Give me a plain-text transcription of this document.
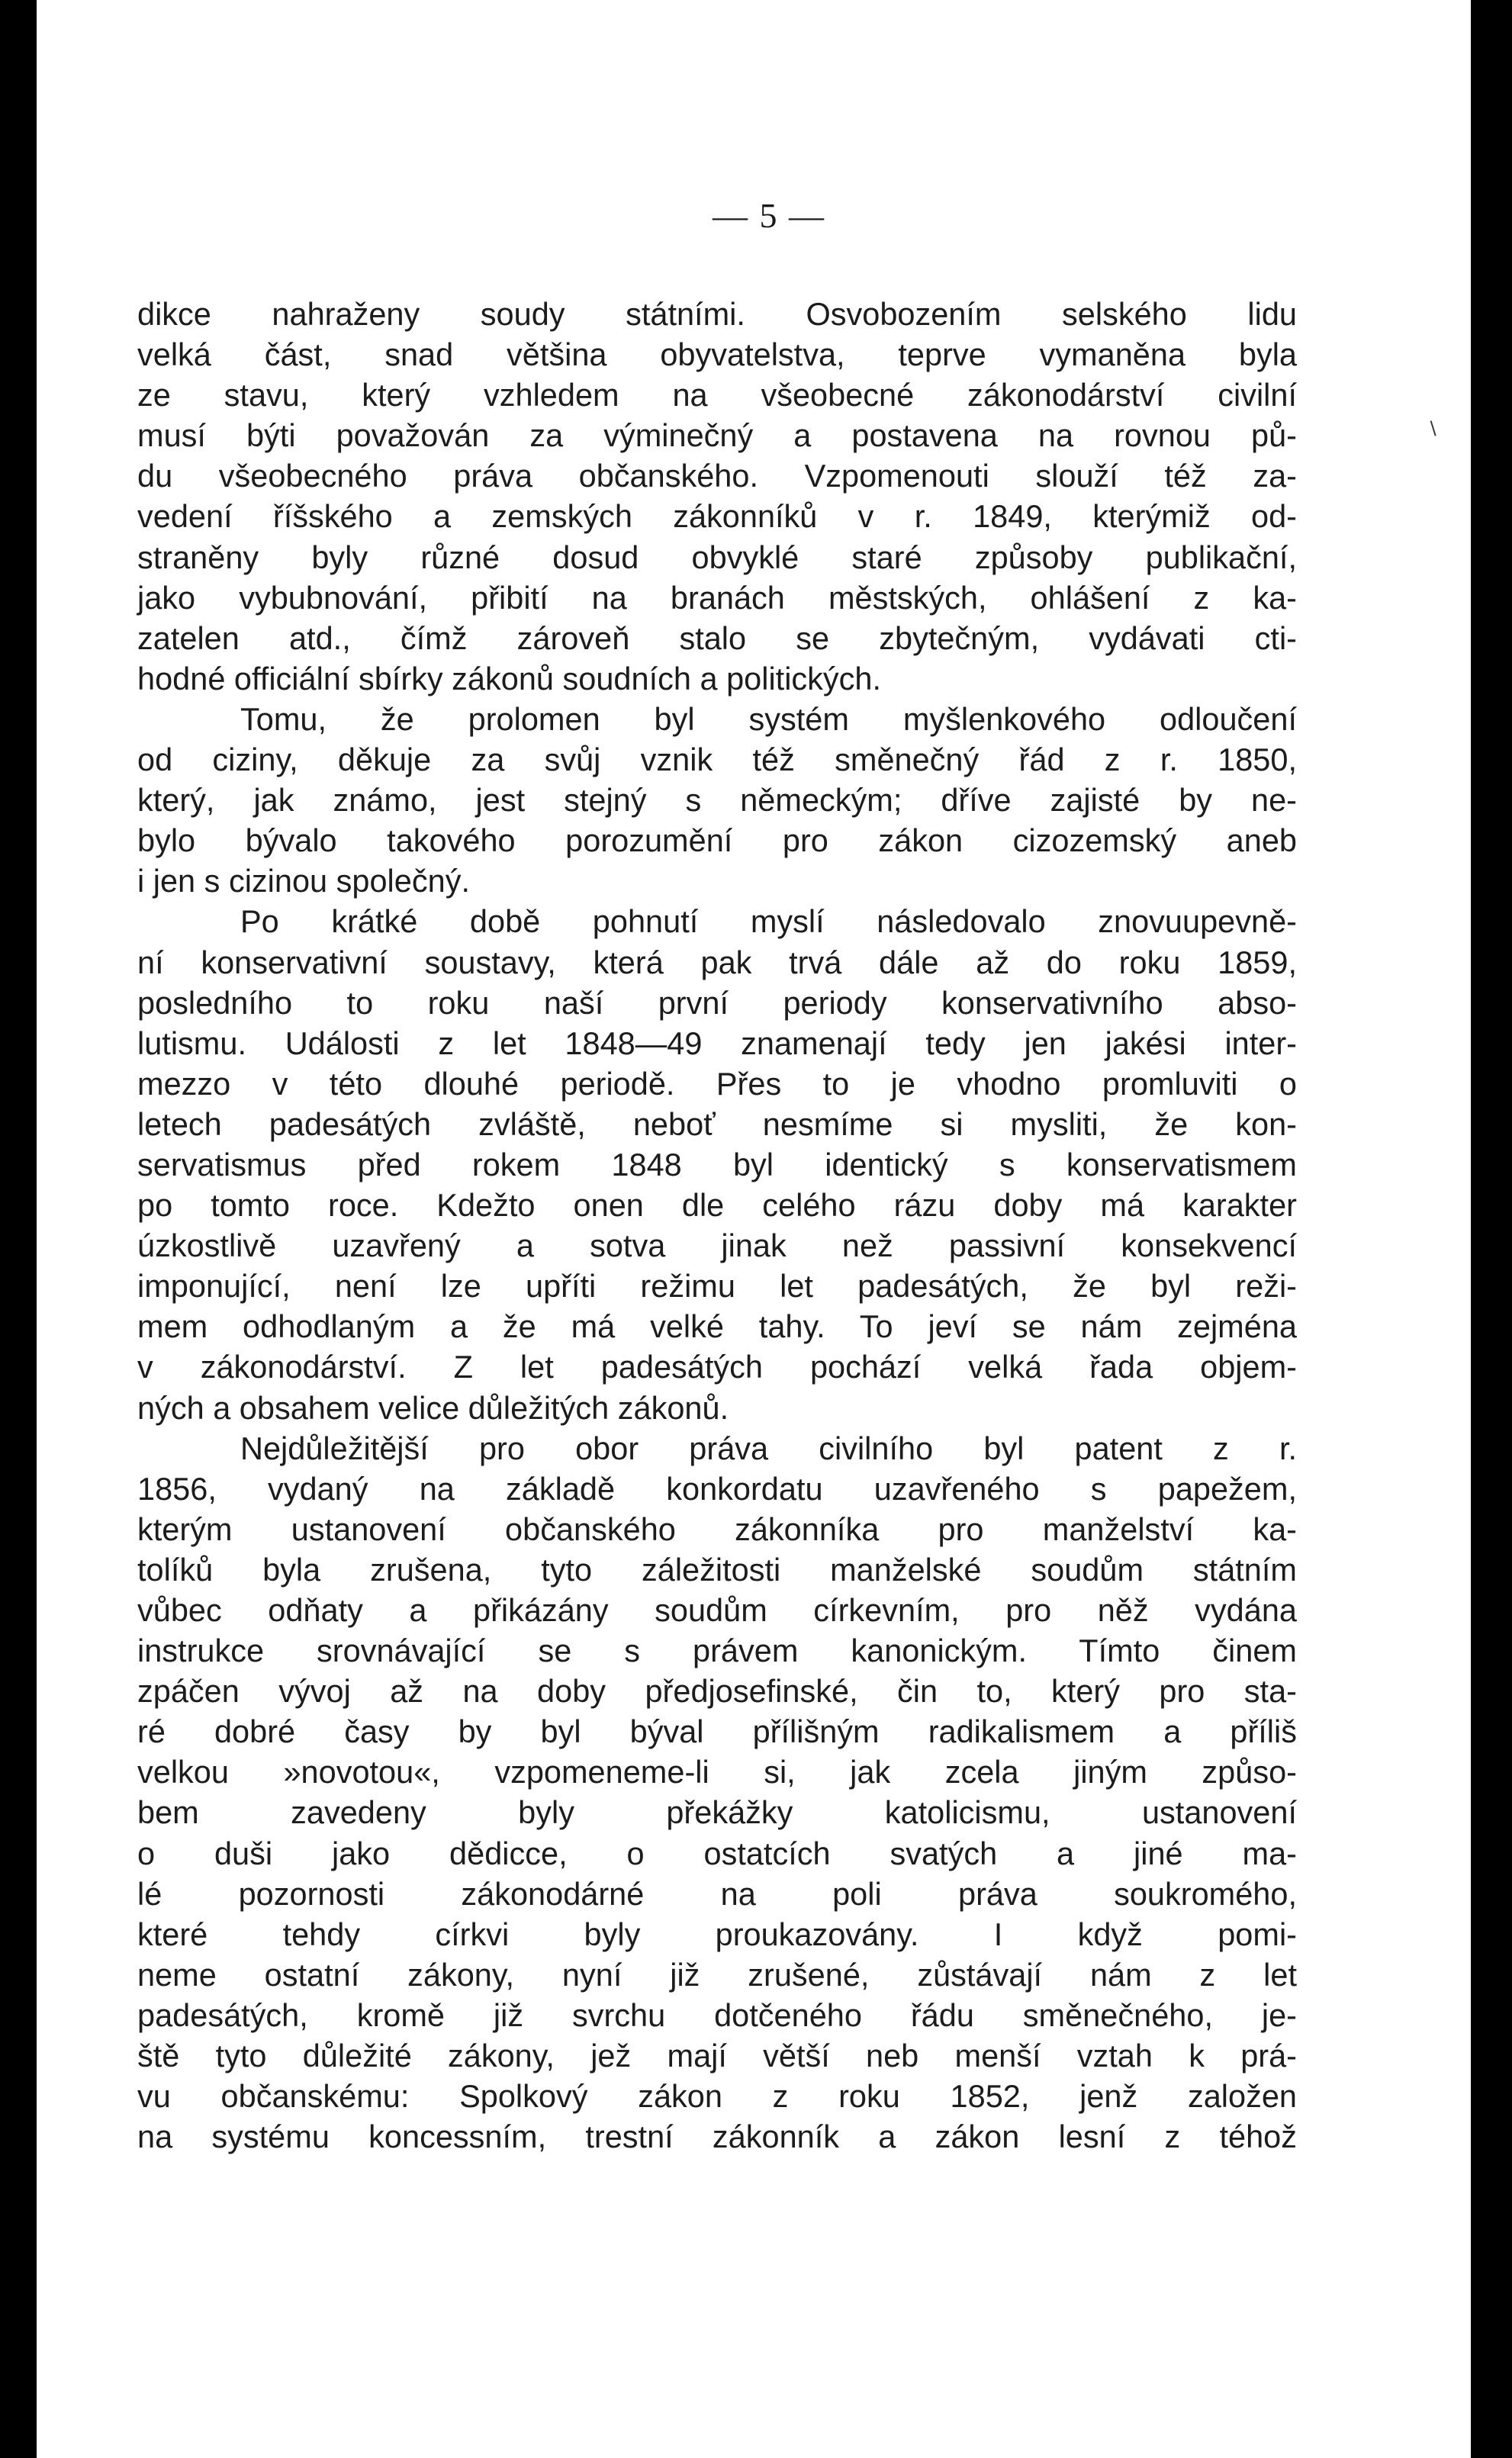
— 5 —
dikce nahraženy soudy státními. Osvobozením selského lidu
velká část, snad většina obyvatelstva, teprve vymaněna byla
ze stavu, který vzhledem na všeobecné zákonodárství civilní
musí býti považován za výminečný a postavena na rovnou pů-
du všeobecného práva občanského. Vzpomenouti slouží též za-
vedení říšského a zemských zákonníků v r. 1849, kterýmiž od-
straněny byly různé dosud obvyklé staré způsoby publikační,
jako vybubnování, přibití na branách městských, ohlášení z ka-
zatelen atd., čímž zároveň stalo se zbytečným, vydávati cti-
hodné officiální sbírky zákonů soudních a politických.
Tomu, že prolomen byl systém myšlenkového odloučení
od ciziny, děkuje za svůj vznik též směnečný řád z r. 1850,
který, jak známo, jest stejný s německým; dříve zajisté by ne-
bylo bývalo takového porozumění pro zákon cizozemský aneb
i jen s cizinou společný.
Po krátké době pohnutí myslí následovalo znovuupevně-
ní konservativní soustavy, která pak trvá dále až do roku 1859,
posledního to roku naší první periody konservativního abso-
lutismu. Události z let 1848—49 znamenají tedy jen jakési inter-
mezzo v této dlouhé periodě. Přes to je vhodno promluviti o
letech padesátých zvláště, neboť nesmíme si mysliti, že kon-
servatismus před rokem 1848 byl identický s konservatismem
po tomto roce. Kdežto onen dle celého rázu doby má karakter
úzkostlivě uzavřený a sotva jinak než passivní konsekvencí
imponující, není lze upříti režimu let padesátých, že byl reži-
mem odhodlaným a že má velké tahy. To jeví se nám zejména
v zákonodárství. Z let padesátých pochází velká řada objem-
ných a obsahem velice důležitých zákonů.
Nejdůležitější pro obor práva civilního byl patent z r.
1856, vydaný na základě konkordatu uzavřeného s papežem,
kterým ustanovení občanského zákonníka pro manželství ka-
tolíků byla zrušena, tyto záležitosti manželské soudům státním
vůbec odňaty a přikázány soudům církevním, pro něž vydána
instrukce srovnávající se s právem kanonickým. Tímto činem
zpáčen vývoj až na doby předjosefinské, čin to, který pro sta-
ré dobré časy by byl býval přílišným radikalismem a příliš
velkou »novotou«, vzpomeneme-li si, jak zcela jiným způso-
bem zavedeny byly překážky katolicismu, ustanovení
o duši jako dědicce, o ostatcích svatých a jiné ma-
lé pozornosti zákonodárné na poli práva soukromého,
které tehdy církvi byly proukazovány. I když pomi-
neme ostatní zákony, nyní již zrušené, zůstávají nám z let
padesátých, kromě již svrchu dotčeného řádu směnečného, je-
ště tyto důležité zákony, jež mají větší neb menší vztah k prá-
vu občanskému: Spolkový zákon z roku 1852, jenž založen
na systému koncessním, trestní zákonník a zákon lesní z téhož
∖
